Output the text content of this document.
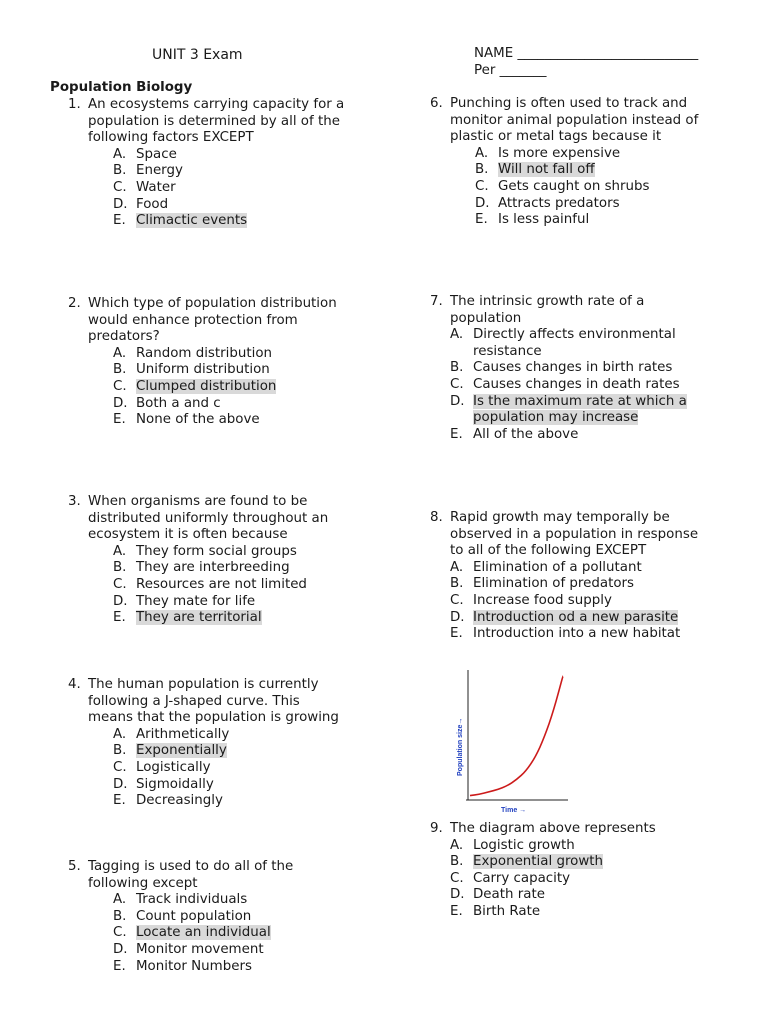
UNIT 3 Exam	NAME ___________________________
Per _______
Population Biology
1. An ecosystems carrying capacity for a
population is determined by all of the
following factors EXCEPT
A. Space
B. Energy
C. Water
D. Food
E. Climactic events
2. Which type of population distribution
would enhance protection from
predators?
A. Random distribution
B. Uniform distribution
C. Clumped distribution
D. Both a and c
E. None of the above
3. When organisms are found to be
distributed uniformly throughout an
ecosystem it is often because
A. They form social groups
B. They are interbreeding
C. Resources are not limited
D. They mate for life
E. They are territorial
4. The human population is currently
following a J-shaped curve. This
means that the population is growing
A. Arithmetically
B. Exponentially
C. Logistically
D. Sigmoidally
E. Decreasingly
5. Tagging is used to do all of the
following except
A. Track individuals
B. Count population
C. Locate an individual
D. Monitor movement
E. Monitor Numbers
6. Punching is often used to track and
monitor animal population instead of
plastic or metal tags because it
A. Is more expensive
B. Will not fall off
C. Gets caught on shrubs
D. Attracts predators
E. Is less painful
7. The intrinsic growth rate of a
population
A. Directly affects environmental
resistance
B. Causes changes in birth rates
C. Causes changes in death rates
D. Is the maximum rate at which a
population may increase
E. All of the above
8. Rapid growth may temporally be
observed in a population in response
to all of the following EXCEPT
A. Elimination of a pollutant
B. Elimination of predators
C. Increase food supply
D. Introduction od a new parasite
E. Introduction into a new habitat
9. The diagram above represents
A. Logistic growth
B. Exponential growth
C. Carry capacity
D. Death rate
E. Birth Rate
Time →
Population size→
